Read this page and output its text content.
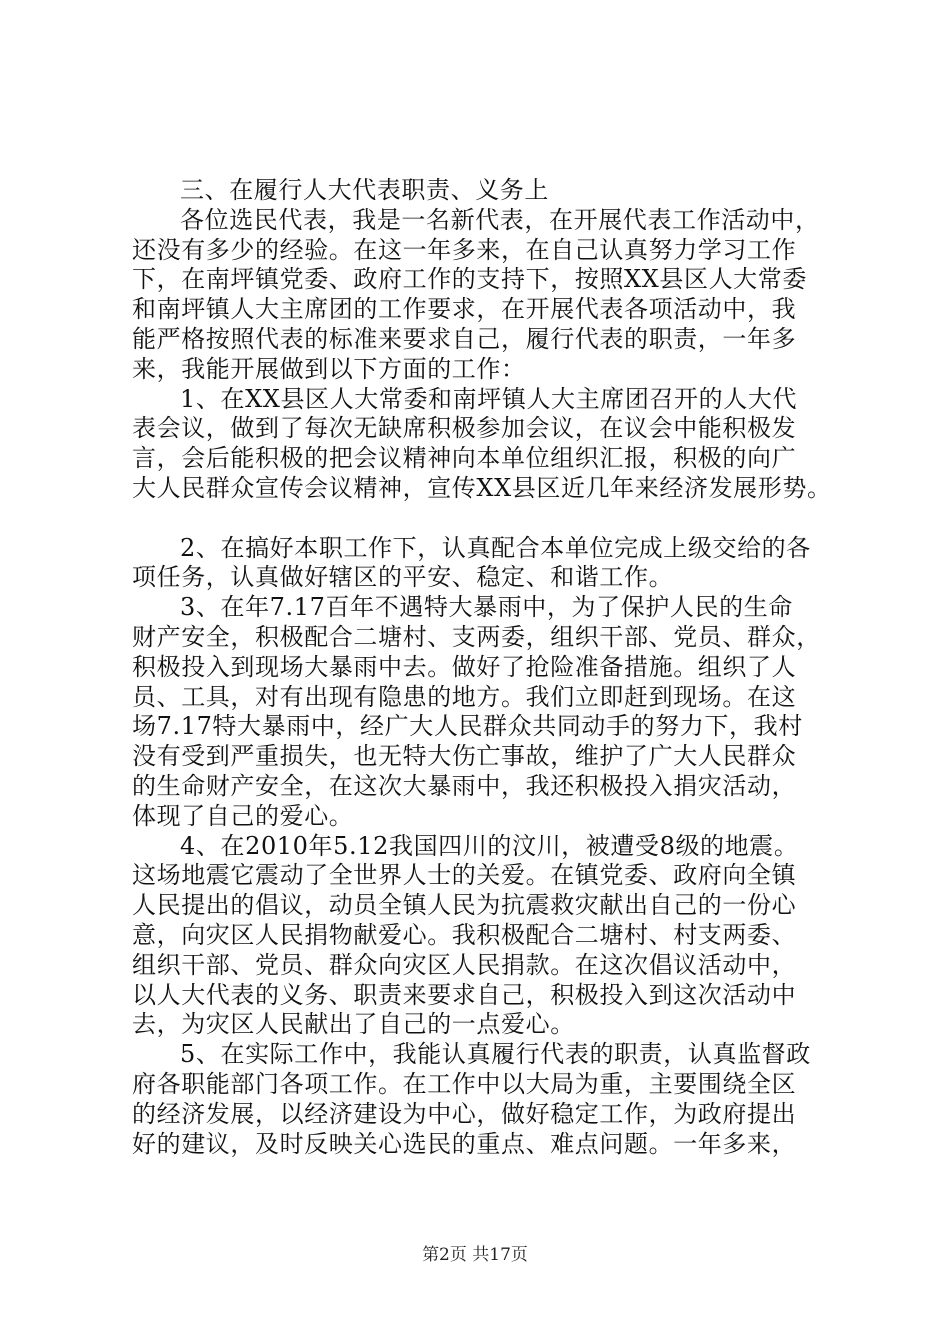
三、在履行人大代表职责、义务上
各位选民代表，我是一名新代表，在开展代表工作活动中，
还没有多少的经验。在这一年多来，在自己认真努力学习工作
下，在南坪镇党委、政府工作的支持下，按照XX县区人大常委
和南坪镇人大主席团的工作要求，在开展代表各项活动中，我
能严格按照代表的标准来要求自己，履行代表的职责，一年多
来，我能开展做到以下方面的工作：
1、在XX县区人大常委和南坪镇人大主席团召开的人大代
表会议，做到了每次无缺席积极参加会议，在议会中能积极发
言，会后能积极的把会议精神向本单位组织汇报，积极的向广
大人民群众宣传会议精神，宣传XX县区近几年来经济发展形势。
2、在搞好本职工作下，认真配合本单位完成上级交给的各
项任务，认真做好辖区的平安、稳定、和谐工作。
3、在年7.17百年不遇特大暴雨中，为了保护人民的生命
财产安全，积极配合二塘村、支两委，组织干部、党员、群众，
积极投入到现场大暴雨中去。做好了抢险准备措施。组织了人
员、工具，对有出现有隐患的地方。我们立即赶到现场。在这
场7.17特大暴雨中，经广大人民群众共同动手的努力下，我村
没有受到严重损失，也无特大伤亡事故，维护了广大人民群众
的生命财产安全，在这次大暴雨中，我还积极投入捐灾活动，
体现了自己的爱心。
4、在2010年5.12我国四川的汶川，被遭受8级的地震。
这场地震它震动了全世界人士的关爱。在镇党委、政府向全镇
人民提出的倡议，动员全镇人民为抗震救灾献出自己的一份心
意，向灾区人民捐物献爱心。我积极配合二塘村、村支两委、
组织干部、党员、群众向灾区人民捐款。在这次倡议活动中，
以人大代表的义务、职责来要求自己，积极投入到这次活动中
去，为灾区人民献出了自己的一点爱心。
5、在实际工作中，我能认真履行代表的职责，认真监督政
府各职能部门各项工作。在工作中以大局为重，主要围绕全区
的经济发展，以经济建设为中心，做好稳定工作，为政府提出
好的建议，及时反映关心选民的重点、难点问题。一年多来，
第2页 共17页
